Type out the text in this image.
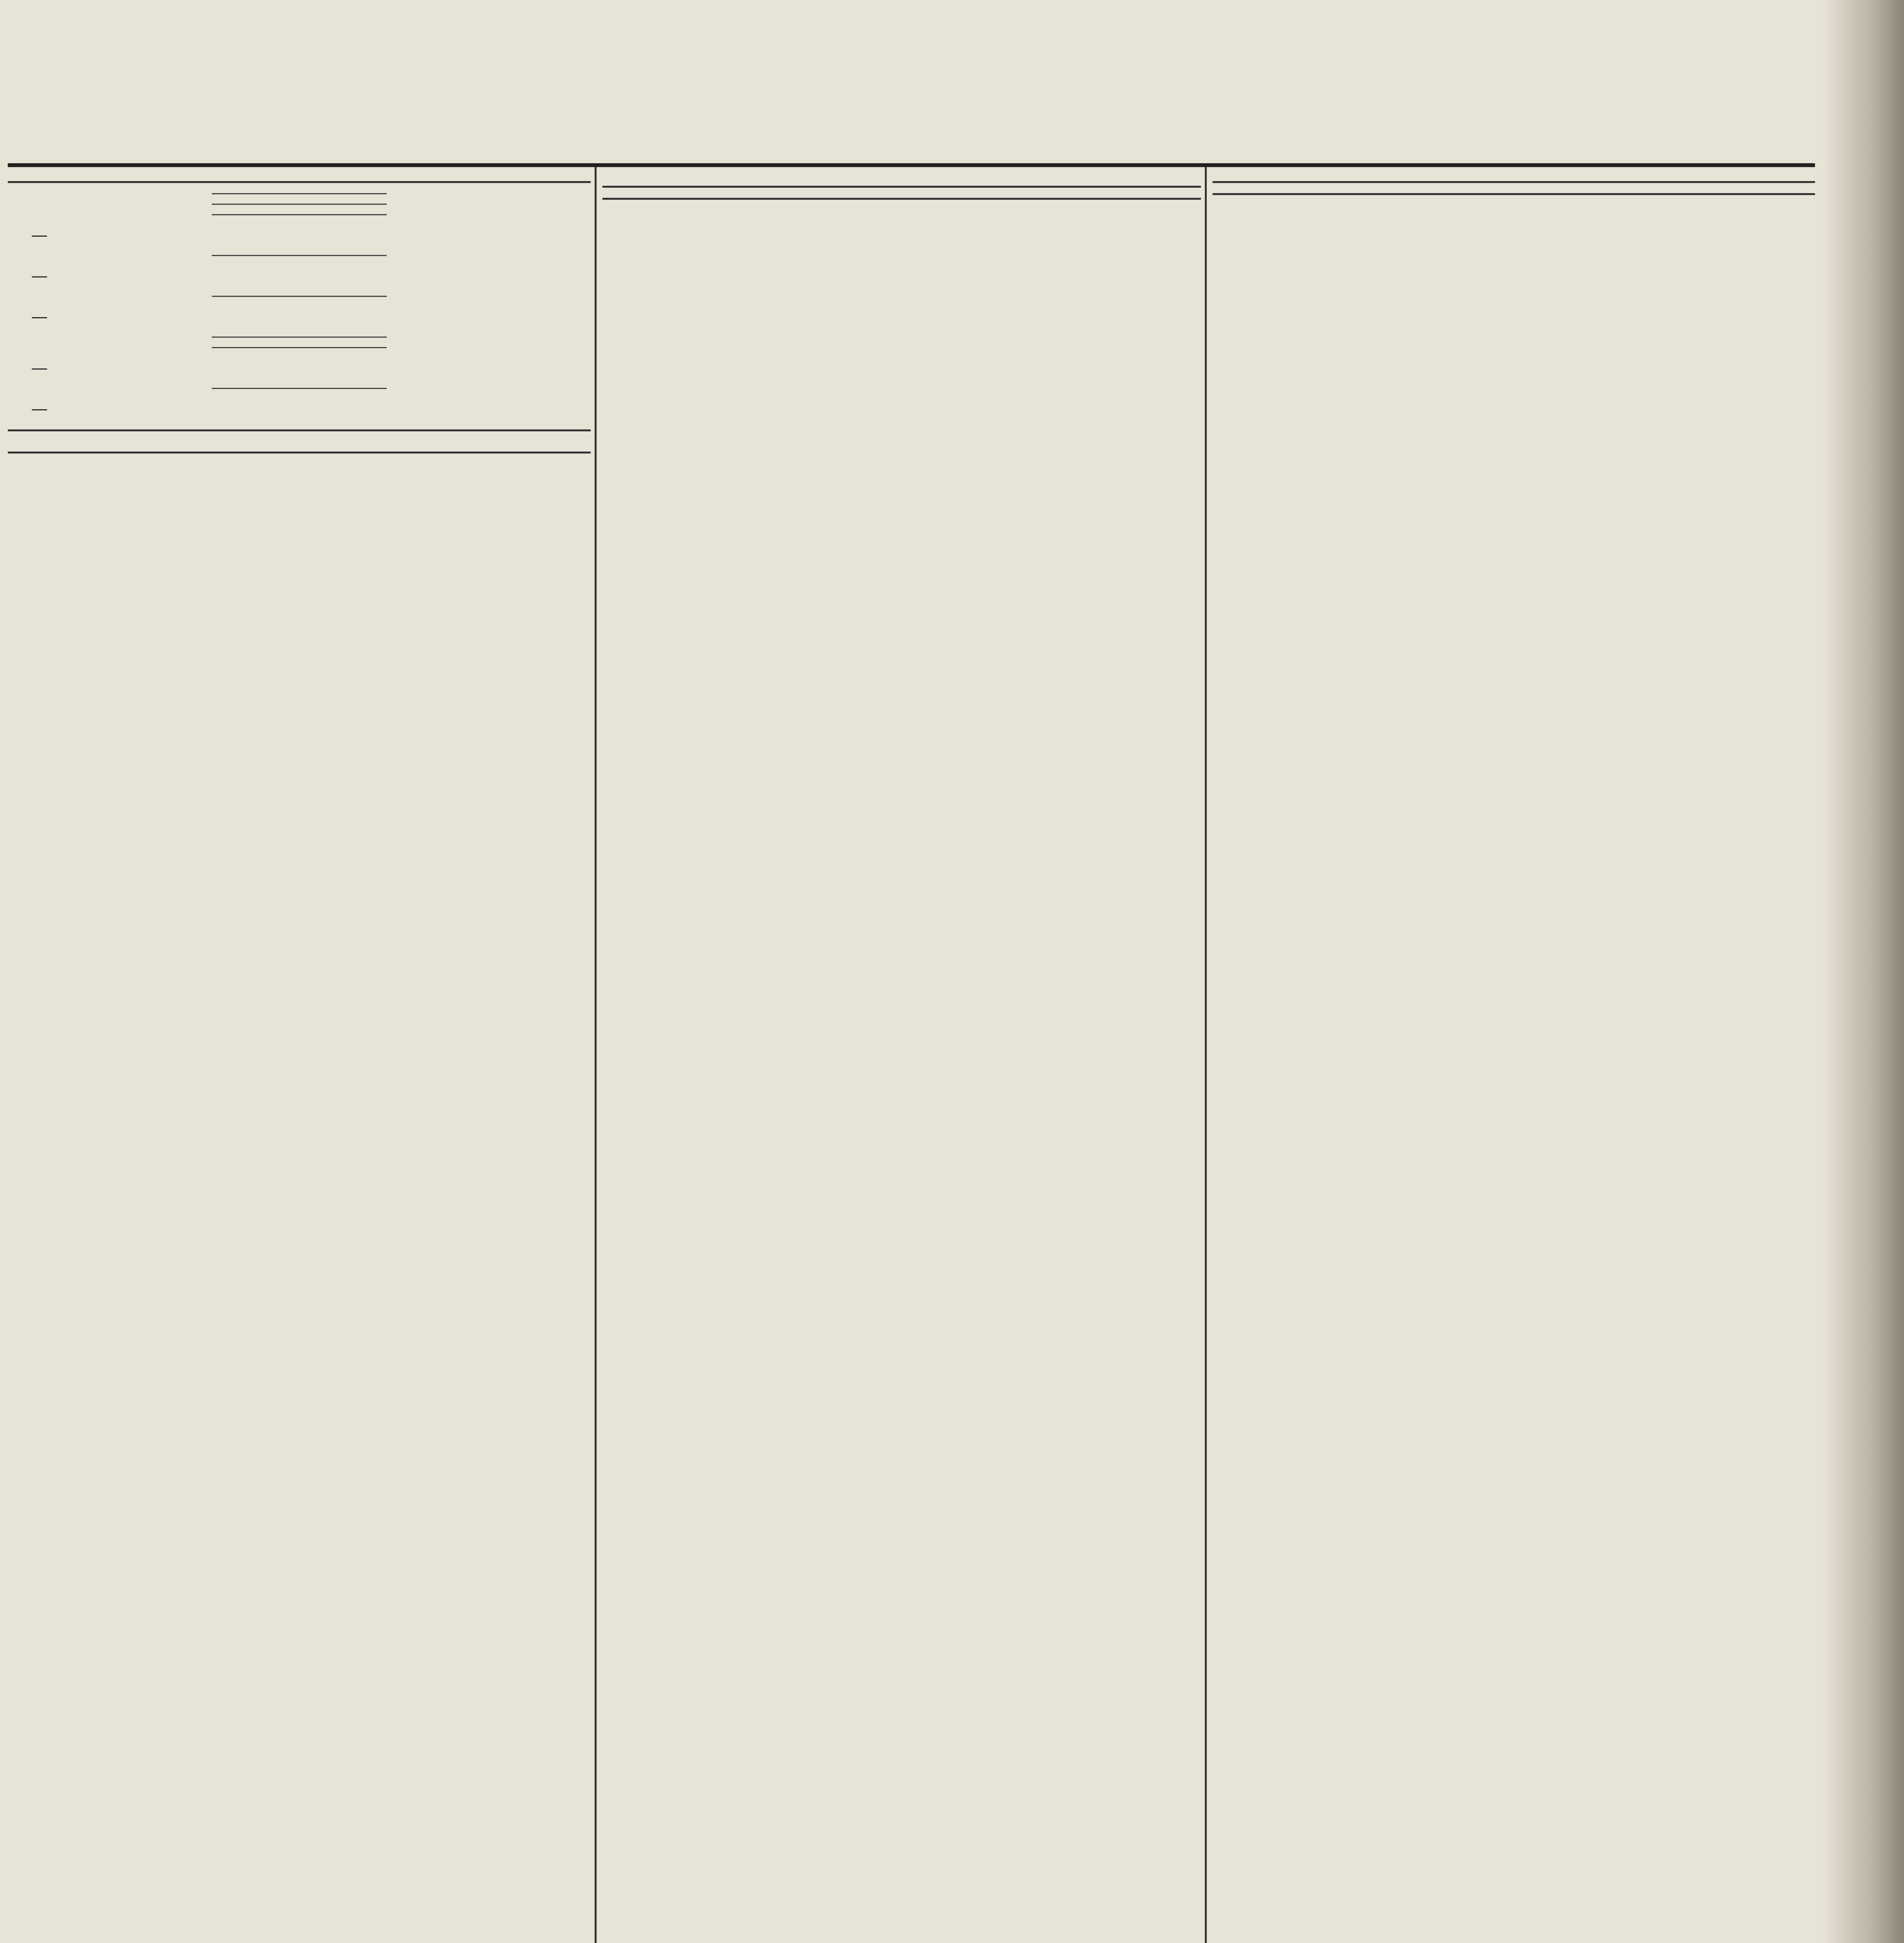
—

—

—

—

—
